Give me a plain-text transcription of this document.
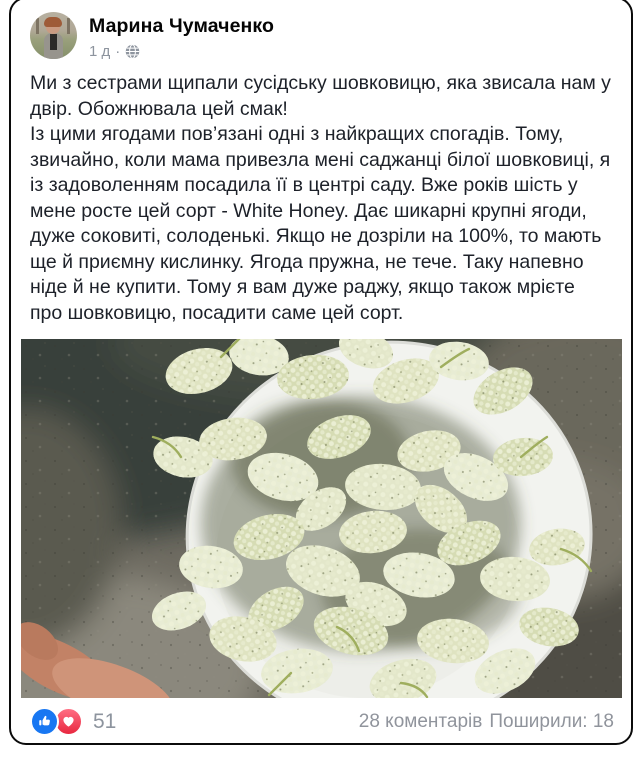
Марина Чумаченко
1 д ·

Ми з сестрами щипали сусідську шовковицю, яка звисала нам у двір. Обожнювала цей смак!

Із цими ягодами пов’язані одні з найкращих спогадів. Тому, звичайно, коли мама привезла мені саджанці білої шовковиці, я із задоволенням посадила її в центрі саду. Вже років шість у мене росте цей сорт - White Honey. Дає шикарні крупні ягоди, дуже соковиті, солоденькі. Якщо не дозріли на 100%, то мають ще й приємну кислинку. Ягода пружна, не тече. Таку напевно ніде й не купити. Тому я вам дуже раджу, якщо також мрієте про шовковицю, посадити саме цей сорт.

51	28 коментарів Поширили: 18
